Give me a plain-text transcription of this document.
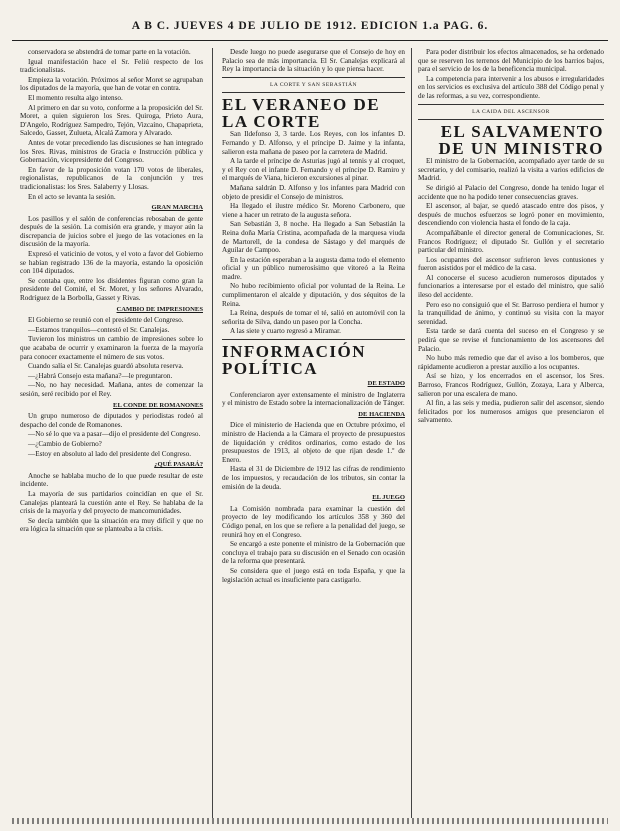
A B C. JUEVES 4 DE JULIO DE 1912. EDICION 1.a PAG. 6.

conservadora se abstendrá de tomar parte en la votación.

Igual manifestación hace el Sr. Feliú respecto de los tradicionalistas.

Empieza la votación. Próximos al señor Moret se agrupaban los diputados de la mayoría, que han de votar en contra.

El momento resulta algo intenso.

Al primero en dar su voto, conforme a la proposición del Sr. Moret, a quien siguieron los Sres. Quiroga, Prieto Aura, D'Angelo, Rodríguez Sampedro, Tejón, Vizcaíno, Chapaprieta, Salcedo, Gasset, Zulueta, Alcalá Zamora y Alvarado.

Antes de votar precediendo las discusiones se han integrado los Sres. Rivas, ministros de Gracia e Instrucción pública y Gobernación, vicepresidente del Congreso.

En favor de la proposición votan 170 votos de liberales, regionalistas, republicanos de la conjunción y tres tradicionalistas: los Sres. Salaberry y Llosas.

En el acto se levanta la sesión.

GRAN MARCHA

Los pasillos y el salón de conferencias rebosaban de gente después de la sesión. La comisión era grande, y mayor aún la discrepancia de juicios sobre el juego de las votaciones en la discusión de la mayoría.

Expresó el vaticinio de votos, y el voto a favor del Gobierno se habían registrado 136 de la mayoría, estando la oposición con 104 diputados.

Se contaba que, entre los disidentes figuran como gran la presidente del Comité, el Sr. Moret, y los señores Alvarado, Rodríguez de la Borbolla, Gasset y Rivas.

CAMBIO DE IMPRESIONES

El Gobierno se reunió con el presidente del Congreso.

—Estamos tranquilos—contestó el Sr. Canalejas.

Tuvieron los ministros un cambio de impresiones sobre lo que acababa de ocurrir y examinaron la fuerza de la mayoría para conocer exactamente el número de sus votos.

Cuando salía el Sr. Canalejas guardó absoluta reserva.

—¿Habrá Consejo esta mañana?—le preguntaron.

—No, no hay necesidad. Mañana, antes de comenzar la sesión, seré recibido por el Rey.

EL CONDE DE ROMANONES

Un grupo numeroso de diputados y periodistas rodeó al despacho del conde de Romanones.

—No sé lo que va a pasar—dijo el presidente del Congreso.

—¿Cambio de Gobierno?

—Estoy en absoluto al lado del presidente del Congreso.

¿QUÉ PASARÁ?

Anoche se hablaba mucho de lo que puede resultar de este incidente.

La mayoría de sus partidarios coincidían en que el Sr. Canalejas planteará la cuestión ante el Rey. Se hablaba de la crisis de la mayoría y del proyecto de mancomunidades.

Se decía también que la situación era muy difícil y que no era lógica la situación que se planteaba a la crisis.

Desde luego no puede asegurarse que el Consejo de hoy en Palacio sea de más importancia. El Sr. Canalejas explicará al Rey la importancia de la situación y lo que piensa hacer.

LA CORTE Y SAN SEBASTIÁN
EL VERANEO DE LA CORTE

San Ildefonso 3, 3 tarde. Los Reyes, con los infantes D. Fernando y D. Alfonso, y el príncipe D. Jaime y la infanta, salieron esta mañana de paseo por la carretera de Madrid.

A la tarde el príncipe de Asturias jugó al tennis y al croquet, y el Rey con el infante D. Fernando y el príncipe D. Ramiro y el marqués de Viana, hicieron excursiones al pinar.

Mañana saldrán D. Alfonso y los infantes para Madrid con objeto de presidir el Consejo de ministros.

Ha llegado el ilustre médico Sr. Moreno Carbonero, que viene a hacer un retrato de la augusta señora.

San Sebastián 3, 8 noche. Ha llegado a San Sebastián la Reina doña María Cristina, acompañada de la marquesa viuda de Martorell, de la condesa de Sástago y del marqués de Aguilar de Campoo.

En la estación esperaban a la augusta dama todo el elemento oficial y un público numerosísimo que vitoreó a la Reina madre.

No hubo recibimiento oficial por voluntad de la Reina. Le cumplimentaron el alcalde y diputación, y dos séquitos de la Reina.

La Reina, después de tomar el té, salió en automóvil con la señorita de Silva, dando un paseo por la Concha.

A las siete y cuarto regresó a Miramar.

INFORMACIÓN POLÍTICA
DE ESTADO

Conferenciaron ayer extensamente el ministro de Inglaterra y el ministro de Estado sobre la internacionalización de Tánger.

DE HACIENDA

Dice el ministerio de Hacienda que en Octubre próximo, el ministro de Hacienda a la Cámara el proyecto de presupuestos de liquidación y créditos ordinarios, como estado de los presupuestos de 1913, al objeto de que rijan desde 1.º de Enero.

Hasta el 31 de Diciembre de 1912 las cifras de rendimiento de los impuestos, y recaudación de los tributos, sin contar la emisión de la deuda.

EL JUEGO

La Comisión nombrada para examinar la cuestión del proyecto de ley modificando los artículos 358 y 360 del Código penal, en los que se refiere a la penalidad del juego, se reunirá hoy en el Congreso.

Se encargó a este ponente el ministro de la Gobernación que concluya el trabajo para su discusión en el Senado con ocasión de la reforma que presentará.

Se considera que el juego está en toda España, y que la legislación actual es insuficiente para castigarlo.

Para poder distribuir los efectos almacenados, se ha ordenado que se reserven los terrenos del Municipio de los barrios bajos, para el servicio de los de la beneficencia municipal.

La competencia para intervenir a los abusos e irregularidades en los servicios es exclusiva del artículo 388 del Código penal y de las reformas, a su vez, correspondiente.

LA CAIDA DEL ASCENSOR
EL SALVAMENTO DE UN MINISTRO

El ministro de la Gobernación, acompañado ayer tarde de su secretario, y del comisario, realizó la visita a varios edificios de Madrid.

Se dirigió al Palacio del Congreso, donde ha tenido lugar el accidente que no ha podido tener consecuencias graves.

El ascensor, al bajar, se quedó atascado entre dos pisos, y después de muchos esfuerzos se logró poner en movimiento, descendiendo con violencia hasta el fondo de la caja.

Acompañábanle el director general de Comunicaciones, Sr. Francos Rodríguez; el diputado Sr. Gullón y el secretario particular del ministro.

Los ocupantes del ascensor sufrieron leves contusiones y fueron asistidos por el médico de la casa.

Al conocerse el suceso acudieron numerosos diputados y funcionarios a interesarse por el estado del ministro, que salió ileso del accidente.

Pero eso no consiguió que el Sr. Barroso perdiera el humor y la tranquilidad de ánimo, y continuó su visita con la mayor serenidad.

Esta tarde se dará cuenta del suceso en el Congreso y se pedirá que se revise el funcionamiento de los ascensores del Palacio.

No hubo más remedio que dar el aviso a los bomberos, que rápidamente acudieron a prestar auxilio a los ocupantes.

Así se hizo, y los encerrados en el ascensor, los Sres. Barroso, Francos Rodríguez, Gullón, Zozaya, Lara y Alberca, salieron por una escalera de mano.

Al fin, a las seis y media, pudieron salir del ascensor, siendo felicitados por los numerosos amigos que presenciaron el salvamento.
